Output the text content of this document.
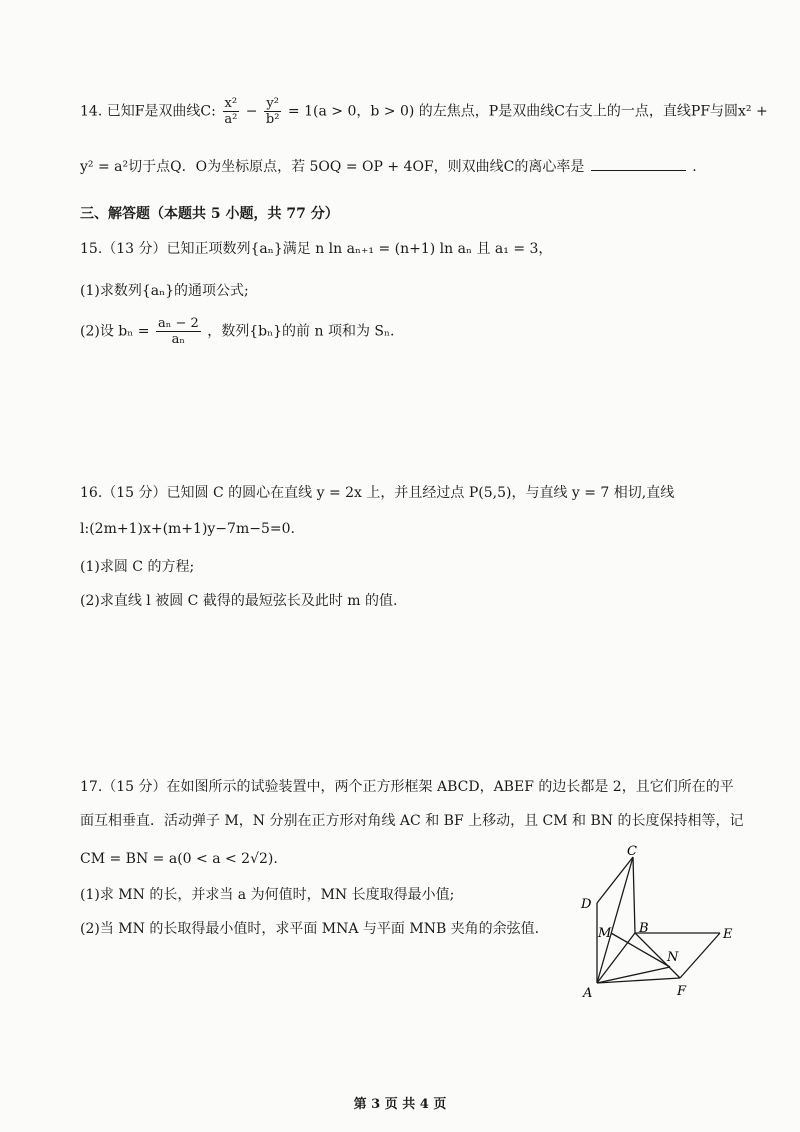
14. 已知F是双曲线C: $\frac{\text{x²}}{\text{a²}} - \frac{\text{y²}}{\text{b²}} = 1(a > 0$，b > 0) 的左焦点，P是双曲线C右支上的一点，直线PF与圆x² +
y² = a²切于点Q．O为坐标原点，若 5OQ = OP + 4OF，则双曲线C的离心率是	.
三、解答题（本题共 5 小题，共 77 分）
15.（13 分）已知正项数列{aₙ}满足 n ln aₙ₊₁ = (n+1) ln aₙ 且 a₁ = 3，
(1)求数列{aₙ}的通项公式;
(2)设 $b_n = \frac{\text{aₙ − 2}}{\text{aₙ}}$ ，数列{bₙ}的前 n 项和为 Sₙ.
16.（15 分）已知圆 C 的圆心在直线 y = 2x 上，并且经过点 P(5,5)，与直线 y = 7 相切,直线
l:(2m+1)x+(m+1)y−7m−5=0.
(1)求圆 C 的方程;
(2)求直线 l 被圆 C 截得的最短弦长及此时 m 的值.
17.（15 分）在如图所示的试验装置中，两个正方形框架 ABCD，ABEF 的边长都是 2，且它们所在的平
面互相垂直．活动弹子 M，N 分别在正方形对角线 AC 和 BF 上移动，且 CM 和 BN 的长度保持相等，记
CM = BN = a(0 < a < 2√2).
(1)求 MN 的长，并求当 a 为何值时，MN 长度取得最小值;
(2)当 MN 的长取得最小值时，求平面 MNA 与平面 MNB 夹角的余弦值.
C
D
M B	E
N
A	F
第 3 页 共 4 页
